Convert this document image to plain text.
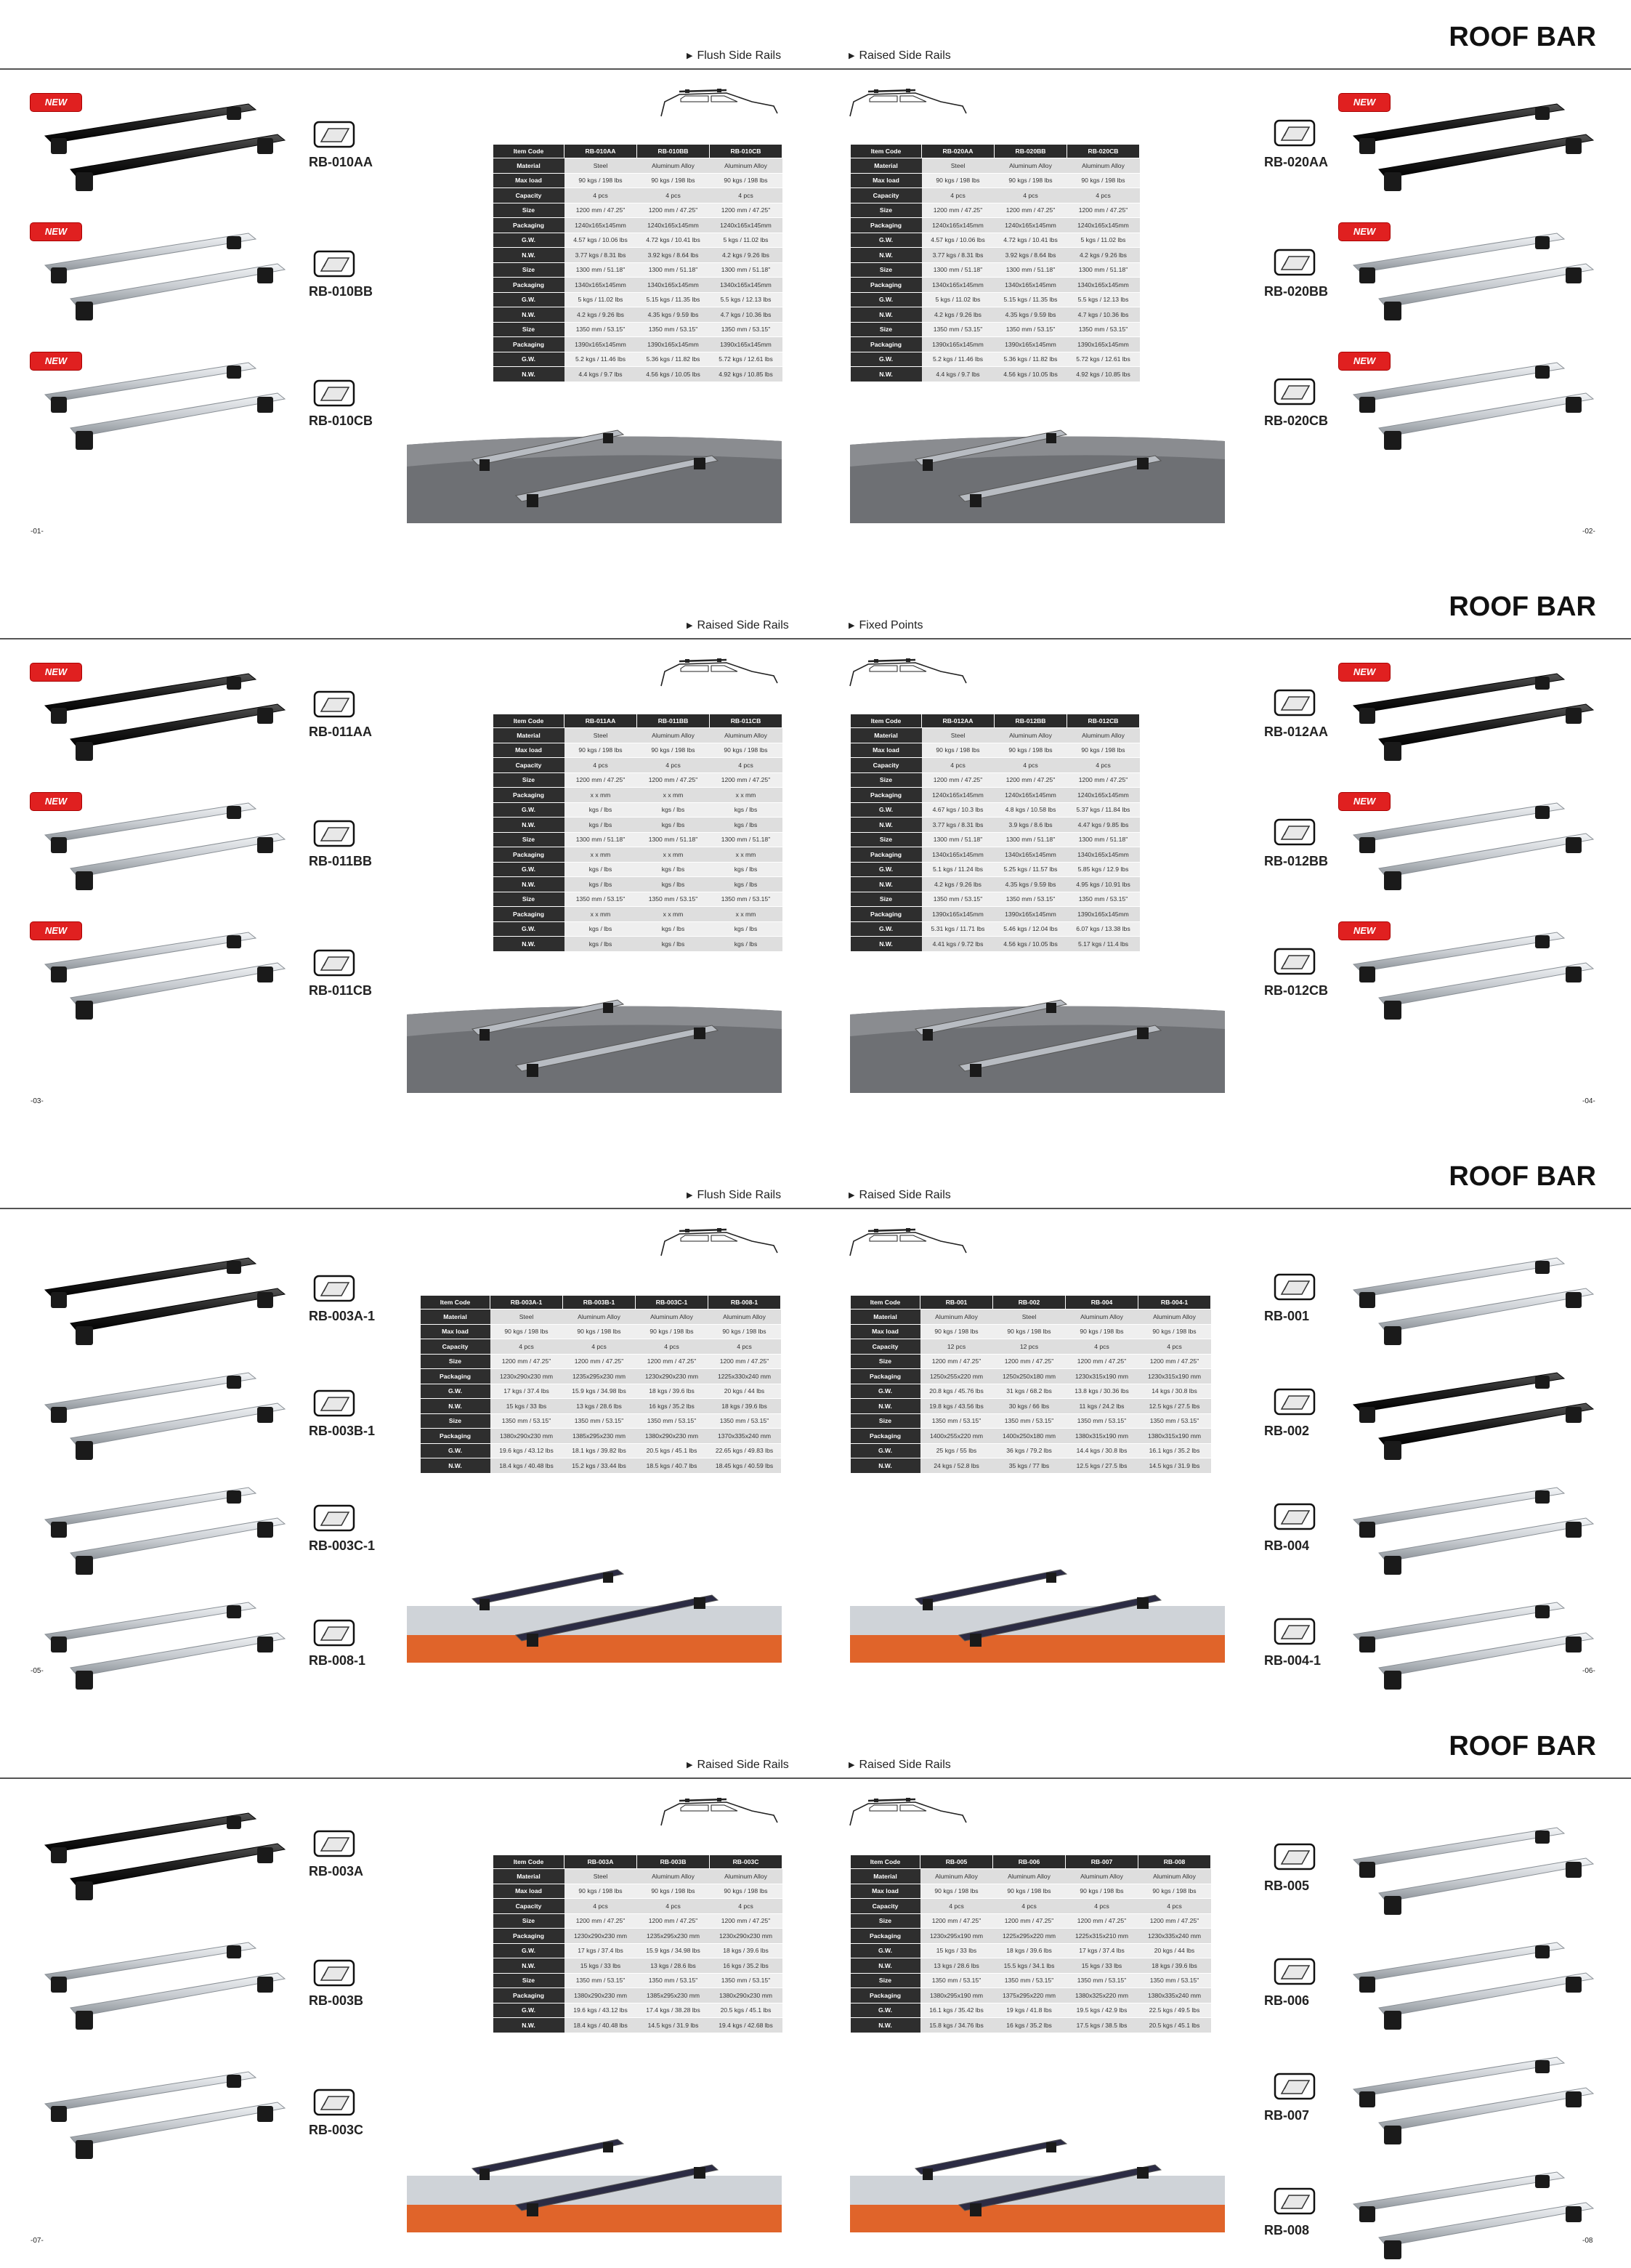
ROOF BAR
▶ Flush Side Rails	▶ Raised Side Rails
NEW
RB-010AA
NEW
RB-010BB
NEW
RB-010CB
NEW
RB-020AA
NEW
RB-020BB
NEW
RB-020CB
Item Code	RB-010AA	RB-010BB	RB-010CB
Material	Steel	Aluminum Alloy	Aluminum Alloy
Max load	90 kgs / 198 lbs	90 kgs / 198 lbs	90 kgs / 198 lbs
Capacity	4 pcs	4 pcs	4 pcs
Size	1200 mm / 47.25"	1200 mm / 47.25"	1200 mm / 47.25"
Packaging	1240x165x145mm	1240x165x145mm	1240x165x145mm
G.W.	4.57 kgs / 10.06 lbs	4.72 kgs / 10.41 lbs	5 kgs / 11.02 lbs
N.W.	3.77 kgs / 8.31 lbs	3.92 kgs / 8.64 lbs	4.2 kgs / 9.26 lbs
Size	1300 mm / 51.18"	1300 mm / 51.18"	1300 mm / 51.18"
Packaging	1340x165x145mm	1340x165x145mm	1340x165x145mm
G.W.	5 kgs / 11.02 lbs	5.15 kgs / 11.35 lbs	5.5 kgs / 12.13 lbs
N.W.	4.2 kgs / 9.26 lbs	4.35 kgs / 9.59 lbs	4.7 kgs / 10.36 lbs
Size	1350 mm / 53.15"	1350 mm / 53.15"	1350 mm / 53.15"
Packaging	1390x165x145mm	1390x165x145mm	1390x165x145mm
G.W.	5.2 kgs / 11.46 lbs	5.36 kgs / 11.82 lbs	5.72 kgs / 12.61 lbs
N.W.	4.4 kgs / 9.7 lbs	4.56 kgs / 10.05 lbs	4.92 kgs / 10.85 lbs
Item Code	RB-020AA	RB-020BB	RB-020CB
Material	Steel	Aluminum Alloy	Aluminum Alloy
Max load	90 kgs / 198 lbs	90 kgs / 198 lbs	90 kgs / 198 lbs
Capacity	4 pcs	4 pcs	4 pcs
Size	1200 mm / 47.25"	1200 mm / 47.25"	1200 mm / 47.25"
Packaging	1240x165x145mm	1240x165x145mm	1240x165x145mm
G.W.	4.57 kgs / 10.06 lbs	4.72 kgs / 10.41 lbs	5 kgs / 11.02 lbs
N.W.	3.77 kgs / 8.31 lbs	3.92 kgs / 8.64 lbs	4.2 kgs / 9.26 lbs
Size	1300 mm / 51.18"	1300 mm / 51.18"	1300 mm / 51.18"
Packaging	1340x165x145mm	1340x165x145mm	1340x165x145mm
G.W.	5 kgs / 11.02 lbs	5.15 kgs / 11.35 lbs	5.5 kgs / 12.13 lbs
N.W.	4.2 kgs / 9.26 lbs	4.35 kgs / 9.59 lbs	4.7 kgs / 10.36 lbs
Size	1350 mm / 53.15"	1350 mm / 53.15"	1350 mm / 53.15"
Packaging	1390x165x145mm	1390x165x145mm	1390x165x145mm
G.W.	5.2 kgs / 11.46 lbs	5.36 kgs / 11.82 lbs	5.72 kgs / 12.61 lbs
N.W.	4.4 kgs / 9.7 lbs	4.56 kgs / 10.05 lbs	4.92 kgs / 10.85 lbs
-01-	-02-
ROOF BAR
▶ Raised Side Rails	▶ Fixed Points
NEW
RB-011AA
NEW
RB-011BB
NEW
RB-011CB
NEW
RB-012AA
NEW
RB-012BB
NEW
RB-012CB
Item Code	RB-011AA	RB-011BB	RB-011CB
Material	Steel	Aluminum Alloy	Aluminum Alloy
Max load	90 kgs / 198 lbs	90 kgs / 198 lbs	90 kgs / 198 lbs
Capacity	4 pcs	4 pcs	4 pcs
Size	1200 mm / 47.25"	1200 mm / 47.25"	1200 mm / 47.25"
Packaging	x x mm	x x mm	x x mm
G.W.	kgs / lbs	kgs / lbs	kgs / lbs
N.W.	kgs / lbs	kgs / lbs	kgs / lbs
Size	1300 mm / 51.18"	1300 mm / 51.18"	1300 mm / 51.18"
Packaging	x x mm	x x mm	x x mm
G.W.	kgs / lbs	kgs / lbs	kgs / lbs
N.W.	kgs / lbs	kgs / lbs	kgs / lbs
Size	1350 mm / 53.15"	1350 mm / 53.15"	1350 mm / 53.15"
Packaging	x x mm	x x mm	x x mm
G.W.	kgs / lbs	kgs / lbs	kgs / lbs
N.W.	kgs / lbs	kgs / lbs	kgs / lbs
Item Code	RB-012AA	RB-012BB	RB-012CB
Material	Steel	Aluminum Alloy	Aluminum Alloy
Max load	90 kgs / 198 lbs	90 kgs / 198 lbs	90 kgs / 198 lbs
Capacity	4 pcs	4 pcs	4 pcs
Size	1200 mm / 47.25"	1200 mm / 47.25"	1200 mm / 47.25"
Packaging	1240x165x145mm	1240x165x145mm	1240x165x145mm
G.W.	4.67 kgs / 10.3 lbs	4.8 kgs / 10.58 lbs	5.37 kgs / 11.84 lbs
N.W.	3.77 kgs / 8.31 lbs	3.9 kgs / 8.6 lbs	4.47 kgs / 9.85 lbs
Size	1300 mm / 51.18"	1300 mm / 51.18"	1300 mm / 51.18"
Packaging	1340x165x145mm	1340x165x145mm	1340x165x145mm
G.W.	5.1 kgs / 11.24 lbs	5.25 kgs / 11.57 lbs	5.85 kgs / 12.9 lbs
N.W.	4.2 kgs / 9.26 lbs	4.35 kgs / 9.59 lbs	4.95 kgs / 10.91 lbs
Size	1350 mm / 53.15"	1350 mm / 53.15"	1350 mm / 53.15"
Packaging	1390x165x145mm	1390x165x145mm	1390x165x145mm
G.W.	5.31 kgs / 11.71 lbs	5.46 kgs / 12.04 lbs	6.07 kgs / 13.38 lbs
N.W.	4.41 kgs / 9.72 lbs	4.56 kgs / 10.05 lbs	5.17 kgs / 11.4 lbs
-03-	-04-
ROOF BAR
▶ Flush Side Rails	▶ Raised Side Rails
RB-003A-1
RB-003B-1
RB-003C-1
RB-008-1
RB-001
RB-002
RB-004
RB-004-1
Item Code	RB-003A-1	RB-003B-1	RB-003C-1	RB-008-1
Material	Steel	Aluminum Alloy	Aluminum Alloy	Aluminum Alloy
Max load	90 kgs / 198 lbs	90 kgs / 198 lbs	90 kgs / 198 lbs	90 kgs / 198 lbs
Capacity	4 pcs	4 pcs	4 pcs	4 pcs
Size	1200 mm / 47.25"	1200 mm / 47.25"	1200 mm / 47.25"	1200 mm / 47.25"
Packaging	1230x290x230 mm	1235x295x230 mm	1230x290x230 mm	1225x330x240 mm
G.W.	17 kgs / 37.4 lbs	15.9 kgs / 34.98 lbs	18 kgs / 39.6 lbs	20 kgs / 44 lbs
N.W.	15 kgs / 33 lbs	13 kgs / 28.6 lbs	16 kgs / 35.2 lbs	18 kgs / 39.6 lbs
Size	1350 mm / 53.15"	1350 mm / 53.15"	1350 mm / 53.15"	1350 mm / 53.15"
Packaging	1380x290x230 mm	1385x295x230 mm	1380x290x230 mm	1370x335x240 mm
G.W.	19.6 kgs / 43.12 lbs	18.1 kgs / 39.82 lbs	20.5 kgs / 45.1 lbs	22.65 kgs / 49.83 lbs
N.W.	18.4 kgs / 40.48 lbs	15.2 kgs / 33.44 lbs	18.5 kgs / 40.7 lbs	18.45 kgs / 40.59 lbs
Item Code	RB-001	RB-002	RB-004	RB-004-1
Material	Aluminum Alloy	Steel	Aluminum Alloy	Aluminum Alloy
Max load	90 kgs / 198 lbs	90 kgs / 198 lbs	90 kgs / 198 lbs	90 kgs / 198 lbs
Capacity	12 pcs	12 pcs	4 pcs	4 pcs
Size	1200 mm / 47.25"	1200 mm / 47.25"	1200 mm / 47.25"	1200 mm / 47.25"
Packaging	1250x255x220 mm	1250x250x180 mm	1230x315x190 mm	1230x315x190 mm
G.W.	20.8 kgs / 45.76 lbs	31 kgs / 68.2 lbs	13.8 kgs / 30.36 lbs	14 kgs / 30.8 lbs
N.W.	19.8 kgs / 43.56 lbs	30 kgs / 66 lbs	11 kgs / 24.2 lbs	12.5 kgs / 27.5 lbs
Size	1350 mm / 53.15"	1350 mm / 53.15"	1350 mm / 53.15"	1350 mm / 53.15"
Packaging	1400x255x220 mm	1400x250x180 mm	1380x315x190 mm	1380x315x190 mm
G.W.	25 kgs / 55 lbs	36 kgs / 79.2 lbs	14.4 kgs / 30.8 lbs	16.1 kgs / 35.2 lbs
N.W.	24 kgs / 52.8 lbs	35 kgs / 77 lbs	12.5 kgs / 27.5 lbs	14.5 kgs / 31.9 lbs
-05-	-06-
ROOF BAR
▶ Raised Side Rails	▶ Raised Side Rails
RB-003A
RB-003B
RB-003C
RB-005
RB-006
RB-007
RB-008
Item Code	RB-003A	RB-003B	RB-003C
Material	Steel	Aluminum Alloy	Aluminum Alloy
Max load	90 kgs / 198 lbs	90 kgs / 198 lbs	90 kgs / 198 lbs
Capacity	4 pcs	4 pcs	4 pcs
Size	1200 mm / 47.25"	1200 mm / 47.25"	1200 mm / 47.25"
Packaging	1230x290x230 mm	1235x295x230 mm	1230x290x230 mm
G.W.	17 kgs / 37.4 lbs	15.9 kgs / 34.98 lbs	18 kgs / 39.6 lbs
N.W.	15 kgs / 33 lbs	13 kgs / 28.6 lbs	16 kgs / 35.2 lbs
Size	1350 mm / 53.15"	1350 mm / 53.15"	1350 mm / 53.15"
Packaging	1380x290x230 mm	1385x295x230 mm	1380x290x230 mm
G.W.	19.6 kgs / 43.12 lbs	17.4 kgs / 38.28 lbs	20.5 kgs / 45.1 lbs
N.W.	18.4 kgs / 40.48 lbs	14.5 kgs / 31.9 lbs	19.4 kgs / 42.68 lbs
Item Code	RB-005	RB-006	RB-007	RB-008
Material	Aluminum Alloy	Aluminum Alloy	Aluminum Alloy	Aluminum Alloy
Max load	90 kgs / 198 lbs	90 kgs / 198 lbs	90 kgs / 198 lbs	90 kgs / 198 lbs
Capacity	4 pcs	4 pcs	4 pcs	4 pcs
Size	1200 mm / 47.25"	1200 mm / 47.25"	1200 mm / 47.25"	1200 mm / 47.25"
Packaging	1230x295x190 mm	1225x295x220 mm	1225x315x210 mm	1230x335x240 mm
G.W.	15 kgs / 33 lbs	18 kgs / 39.6 lbs	17 kgs / 37.4 lbs	20 kgs / 44 lbs
N.W.	13 kgs / 28.6 lbs	15.5 kgs / 34.1 lbs	15 kgs / 33 lbs	18 kgs / 39.6 lbs
Size	1350 mm / 53.15"	1350 mm / 53.15"	1350 mm / 53.15"	1350 mm / 53.15"
Packaging	1380x295x190 mm	1375x295x220 mm	1380x325x220 mm	1380x335x240 mm
G.W.	16.1 kgs / 35.42 lbs	19 kgs / 41.8 lbs	19.5 kgs / 42.9 lbs	22.5 kgs / 49.5 lbs
N.W.	15.8 kgs / 34.76 lbs	16 kgs / 35.2 lbs	17.5 kgs / 38.5 lbs	20.5 kgs / 45.1 lbs
-07-	-08
